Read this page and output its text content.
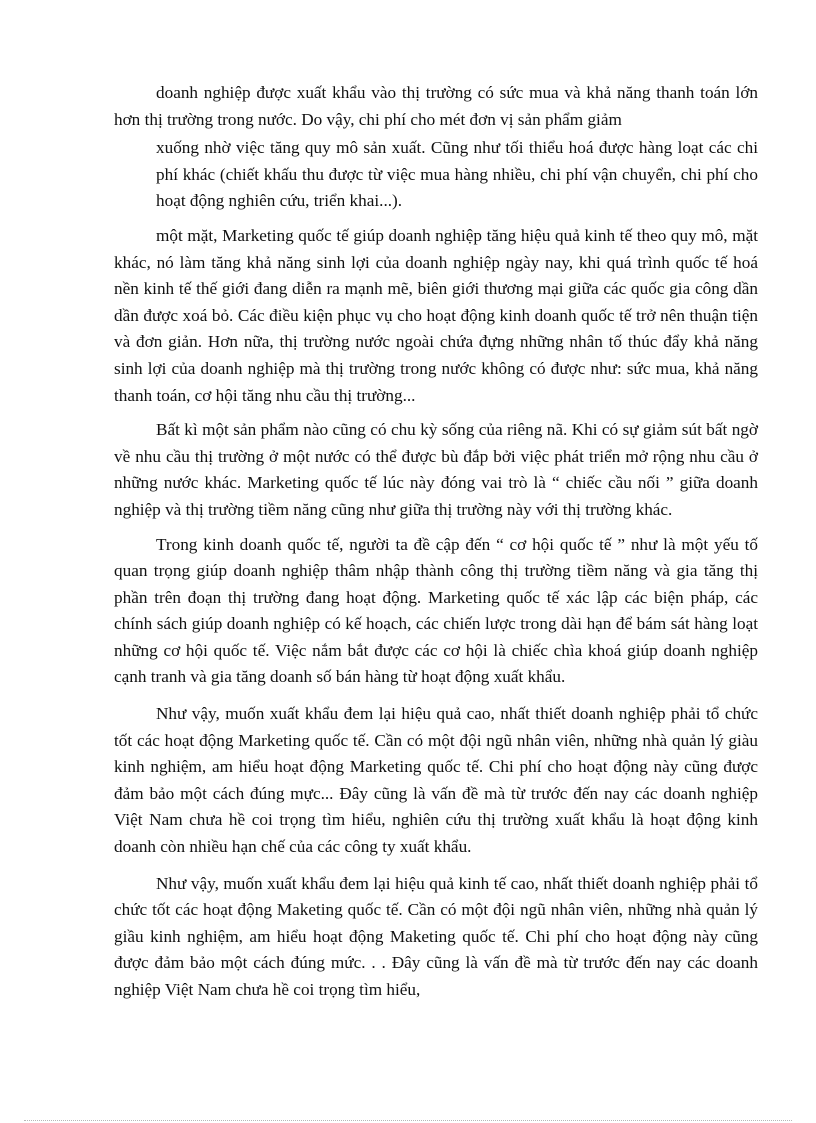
doanh nghiệp được xuất khẩu vào thị trường có sức mua và khả năng thanh toán lớn hơn thị trường trong nước. Do vậy, chi phí cho mét đơn vị sản phẩm giảm

xuống nhờ việc tăng quy mô sản xuất. Cũng như tối thiểu hoá được hàng loạt các chi phí khác (chiết khấu thu được từ việc mua hàng nhiều, chi phí vận chuyển, chi phí cho hoạt động nghiên cứu, triển khai...).

một mặt, Marketing quốc tế giúp doanh nghiệp tăng hiệu quả kinh tế theo quy mô, mặt khác, nó làm tăng khả năng sinh lợi của doanh nghiệp ngày nay, khi quá trình quốc tế hoá nền kinh tế thế giới đang diễn ra mạnh mẽ, biên giới thương mại giữa các quốc gia công dần dần được xoá bỏ. Các điều kiện phục vụ cho hoạt động kinh doanh quốc tế trở nên thuận tiện và đơn giản. Hơn nữa, thị trường nước ngoài chứa đựng những nhân tố thúc đẩy khả năng sinh lợi của doanh nghiệp mà thị trường trong nước không có được như: sức mua, khả năng thanh toán, cơ hội tăng nhu cầu thị trường...

Bất kì một sản phẩm nào cũng có chu kỳ sống của riêng nã. Khi có sự giảm sút bất ngờ về nhu cầu thị trường ở một nước có thể được bù đắp bởi việc phát triển mở rộng nhu cầu ở những nước khác. Marketing quốc tế lúc này đóng vai trò là “ chiếc cầu nối ” giữa doanh nghiệp và thị trường tiềm năng cũng như giữa thị trường này với thị trường khác.

Trong kinh doanh quốc tế, người ta đề cập đến “ cơ hội quốc tế ” như là một yếu tố quan trọng giúp doanh nghiệp thâm nhập thành công thị trường tiềm năng và gia tăng thị phần trên đoạn thị trường đang hoạt động. Marketing quốc tế xác lập các biện pháp, các chính sách giúp doanh nghiệp có kế hoạch, các chiến lược trong dài hạn để bám sát hàng loạt những cơ hội quốc tế. Việc nắm bắt được các cơ hội là chiếc chìa khoá giúp doanh nghiệp cạnh tranh và gia tăng doanh số bán hàng từ hoạt động xuất khẩu.

Như vậy, muốn xuất khẩu đem lại hiệu quả cao, nhất thiết doanh nghiệp phải tổ chức tốt các hoạt động Marketing quốc tế. Cần có một đội ngũ nhân viên, những nhà quản lý giàu kinh nghiệm, am hiểu hoạt động Marketing quốc tế. Chi phí cho hoạt động này cũng được đảm bảo một cách đúng mực... Đây cũng là vấn đề mà từ trước đến nay các doanh nghiệp Việt Nam chưa hề coi trọng tìm hiểu, nghiên cứu thị trường xuất khẩu là hoạt động kinh doanh còn nhiều hạn chế của các công ty xuất khẩu.

Như vậy, muốn xuất khẩu đem lại hiệu quả kinh tế cao, nhất thiết doanh nghiệp phải tổ chức tốt các hoạt động Maketing quốc tế. Cần có một đội ngũ nhân viên, những nhà quản lý giầu kinh nghiệm, am hiểu hoạt động Maketing quốc tế. Chi phí cho hoạt động này cũng được đảm bảo một cách đúng mức. . . Đây cũng là vấn đề mà từ trước đến nay các doanh nghiệp Việt Nam chưa hề coi trọng tìm hiểu,
